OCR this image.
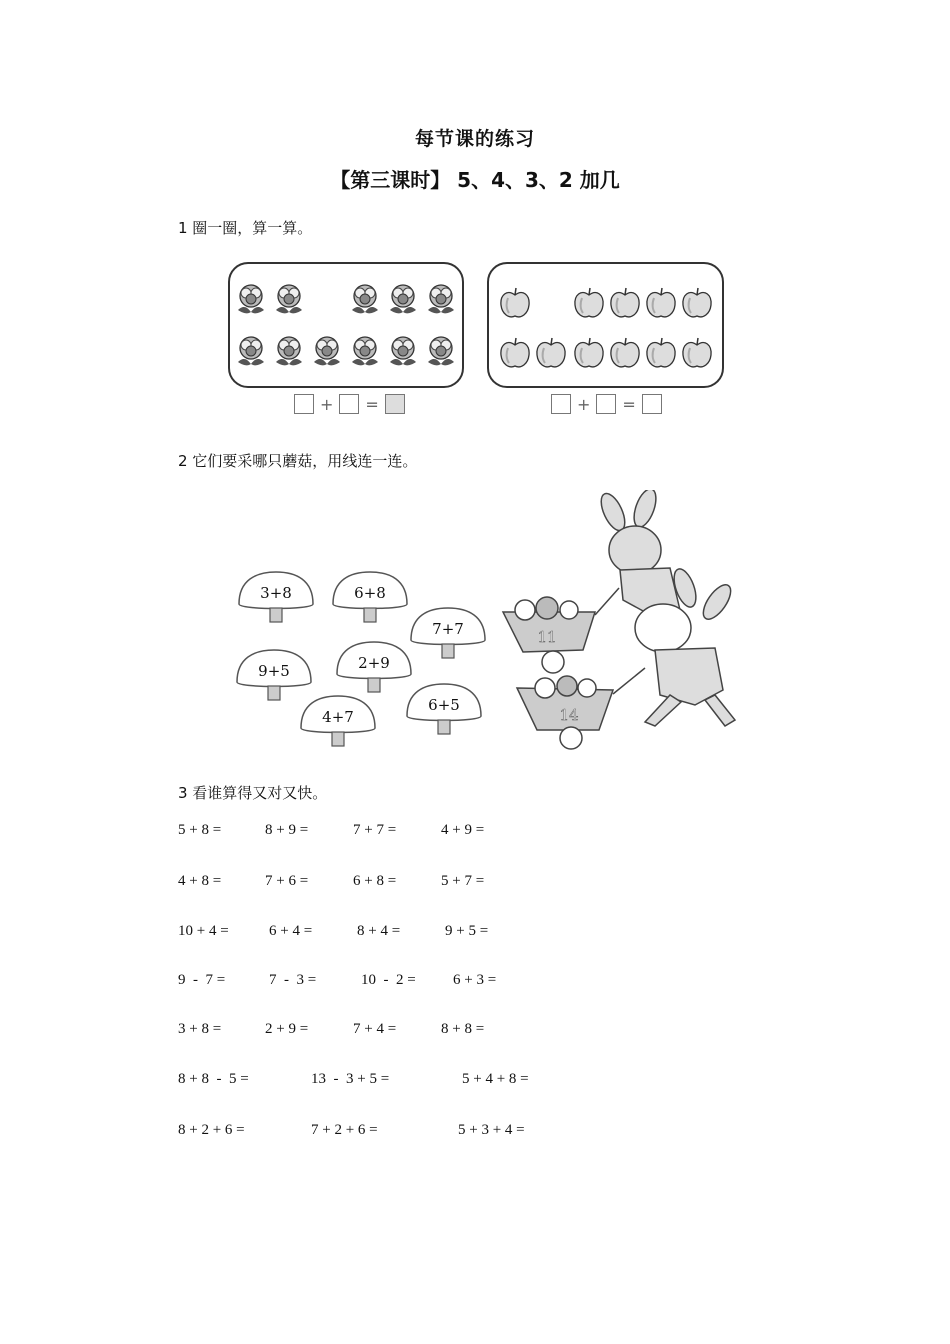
每节课的练习
【第三课时】 5、4、3、2 加几
1 圈一圈，算一算。
+ =	+ =
2 它们要采哪只蘑菇，用线连一连。
3+8	6+8
7+7
9+5	2+9
4+7
6+5
11
14
3 看谁算得又对又快。
5 + 8 =	8 + 9 =	7 + 7 =	4 + 9 =
4 + 8 =	7 + 6 =	6 + 8 =	5 + 7 =
10 + 4 =	6 + 4 =	8 + 4 =	9 + 5 =
9  -  7 =	7  -  3 =	10  -  2 = 6 + 3 =
3 + 8 =	2 + 9 =	7 + 4 =	8 + 8 =
8 + 8  -  5 =	13  -  3 + 5 =	5 + 4 + 8 =
8 + 2 + 6 =	7 + 2 + 6 =	5 + 3 + 4 =
